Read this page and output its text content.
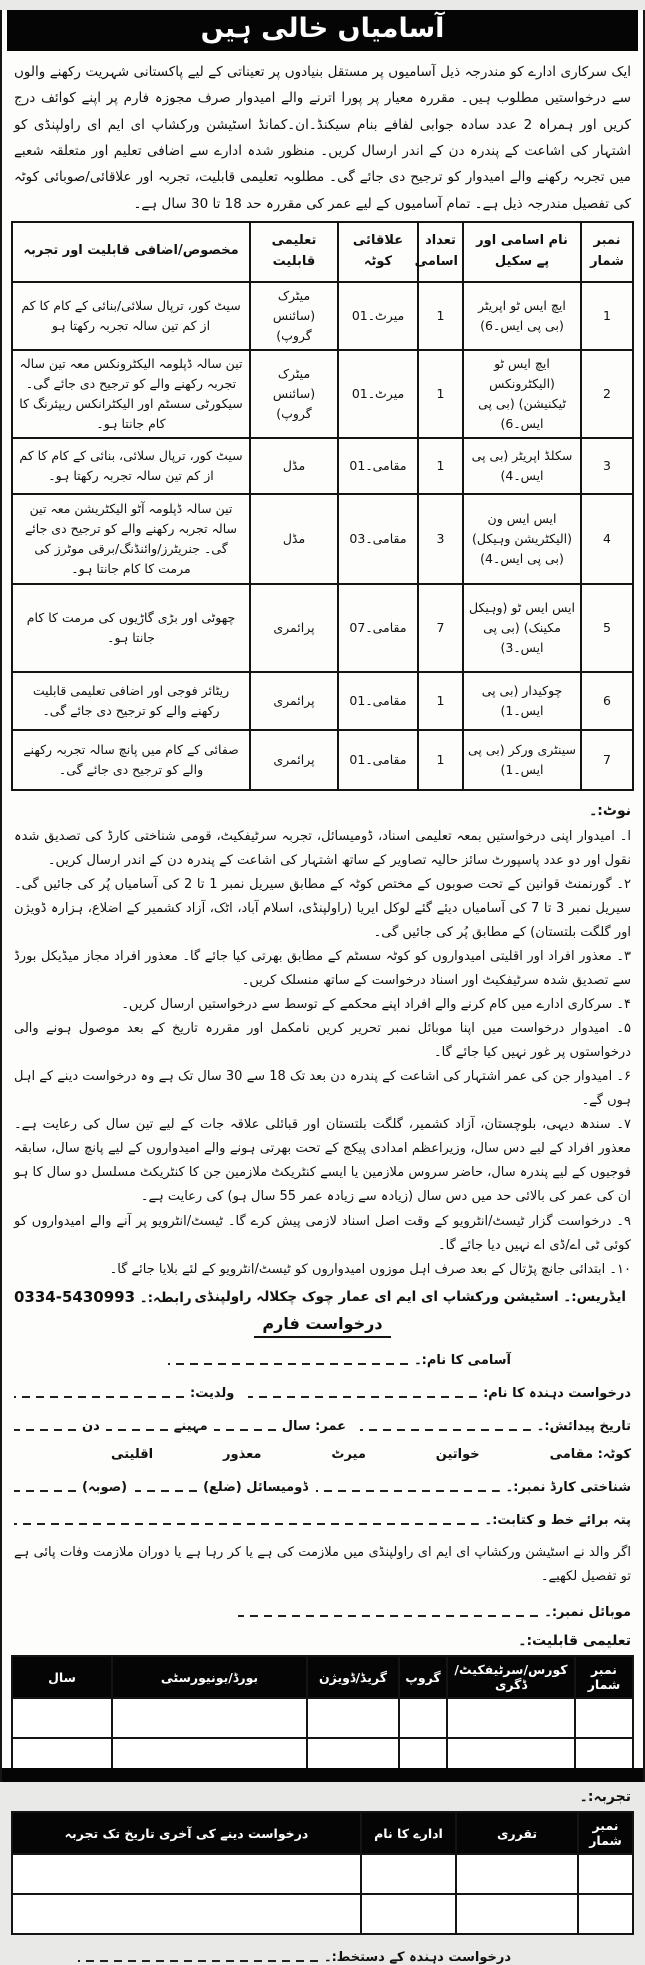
آسامیاں خالی ہیں

ایک سرکاری ادارے کو مندرجہ ذیل آسامیوں پر مستقل بنیادوں پر تعیناتی کے لیے پاکستانی شہریت رکھنے والوں سے درخواستیں مطلوب ہیں۔ مقررہ معیار پر پورا اترنے والے امیدوار صرف مجوزہ فارم پر اپنے کوائف درج کریں اور ہمراہ 2 عدد سادہ جوابی لفافے بنام سیکنڈ۔ان۔کمانڈ اسٹیشن ورکشاپ ای ایم ای راولپنڈی کو اشتہار کی اشاعت کے پندرہ دن کے اندر ارسال کریں۔ منظور شدہ ادارے سے اضافی تعلیم اور متعلقہ شعبے میں تجربہ رکھنے والے امیدوار کو ترجیح دی جائے گی۔ مطلوبہ تعلیمی قابلیت، تجربہ اور علاقائی/صوبائی کوٹہ کی تفصیل مندرجہ ذیل ہے۔ تمام آسامیوں کے لیے عمر کی مقررہ حد 18 تا 30 سال ہے۔

نمبر شمار	نام اسامی اور پے سکیل	تعداد اسامی	علاقائی کوٹہ	تعلیمی قابلیت	مخصوص/اضافی قابلیت اور تجربہ
1	ایچ ایس ٹو اپریٹر (بی پی ایس۔6)	1	میرٹ۔01	میٹرک (سائنس گروپ)	سیٹ کور، ترپال سلائی/بنائی کے کام کا کم از کم تین سالہ تجربہ رکھتا ہو
2	ایچ ایس ٹو (الیکٹرونکس ٹیکنیشن) (بی پی ایس۔6)	1	میرٹ۔01	میٹرک (سائنس گروپ)	تین سالہ ڈپلومہ الیکٹرونکس معہ تین سالہ تجربہ رکھنے والے کو ترجیح دی جائے گی۔ سیکورٹی سسٹم اور الیکٹرانکس ریپئرنگ کا کام جانتا ہو۔
3	سکلڈ اپریٹر (بی پی ایس۔4)	1	مقامی۔01	مڈل	سیٹ کور، ترپال سلائی، بنائی کے کام کا کم از کم تین سالہ تجربہ رکھتا ہو۔
4	ایس ایس ون (الیکٹریشن وہیکل) (بی پی ایس۔4)	3	مقامی۔03	مڈل	تین سالہ ڈپلومہ آٹو الیکٹریشن معہ تین سالہ تجربہ رکھنے والے کو ترجیح دی جائے گی۔ جنریٹرز/وائنڈنگ/برقی موٹرز کی مرمت کا کام جانتا ہو۔
5	ایس ایس ٹو (وہیکل مکینک) (بی پی ایس۔3)	7	مقامی۔07	پرائمری	چھوٹی اور بڑی گاڑیوں کی مرمت کا کام جانتا ہو۔
6	چوکیدار (بی پی ایس۔1)	1	مقامی۔01	پرائمری	ریٹائر فوجی اور اضافی تعلیمی قابلیت رکھنے والے کو ترجیح دی جائے گی۔
7	سینٹری ورکر (بی پی ایس۔1)	1	مقامی۔01	پرائمری	صفائی کے کام میں پانچ سالہ تجربہ رکھنے والے کو ترجیح دی جائے گی۔
نوٹ:۔
ا۔ امیدوار اپنی درخواستیں بمعہ تعلیمی اسناد، ڈومیسائل، تجربہ سرٹیفکیٹ، قومی شناختی کارڈ کی تصدیق شدہ نقول اور دو عدد پاسپورٹ سائز حالیہ تصاویر کے ساتھ اشتہار کی اشاعت کے پندرہ دن کے اندر ارسال کریں۔
۲۔ گورنمنٹ قوانین کے تحت صوبوں کے مختص کوٹہ کے مطابق سیریل نمبر 1 تا 2 کی آسامیاں پُر کی جائیں گی۔ سیریل نمبر 3 تا 7 کی آسامیاں دیئے گئے لوکل ایریا (راولپنڈی، اسلام آباد، اٹک، آزاد کشمیر کے اضلاع، ہزارہ ڈویژن اور گلگت بلتستان) کے مطابق پُر کی جائیں گی۔
۳۔ معذور افراد اور اقلیتی امیدواروں کو کوٹہ سسٹم کے مطابق بھرتی کیا جائے گا۔ معذور افراد مجاز میڈیکل بورڈ سے تصدیق شدہ سرٹیفکیٹ اور اسناد درخواست کے ساتھ منسلک کریں۔
۴۔ سرکاری ادارے میں کام کرنے والے افراد اپنے محکمے کے توسط سے درخواستیں ارسال کریں۔
۵۔ امیدوار درخواست میں اپنا موبائل نمبر تحریر کریں نامکمل اور مقررہ تاریخ کے بعد موصول ہونے والی درخواستوں پر غور نہیں کیا جائے گا۔
۶۔ امیدوار جن کی عمر اشتہار کی اشاعت کے پندرہ دن بعد تک 18 سے 30 سال تک ہے وہ درخواست دینے کے اہل ہوں گے۔
۷۔ سندھ دیہی، بلوچستان، آزاد کشمیر، گلگت بلتستان اور قبائلی علاقہ جات کے لیے تین سال کی رعایت ہے۔ معذور افراد کے لیے دس سال، وزیراعظم امدادی پیکج کے تحت بھرتی ہونے والے امیدواروں کے لیے پانچ سال، سابقہ فوجیوں کے لیے پندرہ سال، حاضر سروس ملازمین یا ایسے کنٹریکٹ ملازمین جن کا کنٹریکٹ مسلسل دو سال کا ہو ان کی عمر کی بالائی حد میں دس سال (زیادہ سے زیادہ عمر 55 سال ہو) کی رعایت ہے۔
۹۔ درخواست گزار ٹیسٹ/انٹرویو کے وقت اصل اسناد لازمی پیش کرے گا۔ ٹیسٹ/انٹرویو پر آنے والے امیدواروں کو کوئی ٹی اے/ڈی اے نہیں دیا جائے گا۔
۱۰۔ ابتدائی جانچ پڑتال کے بعد صرف اہل موزوں امیدواروں کو ٹیسٹ/انٹرویو کے لئے بلایا جائے گا۔
ایڈریس:۔ اسٹیشن ورکشاپ ای ایم ای عمار چوک چکلالہ راولپنڈی
رابطہ:۔ 0334-5430993
درخواست فارم
آسامی کا نام:۔
درخواست دہندہ کا نام:
ولدیت:
تاریخ پیدائش:۔
عمر: سال
مہینے
دن
کوٹہ: مقامی
خواتین
میرٹ
معذور
اقلیتی
شناختی کارڈ نمبر:۔
ڈومیسائل (ضلع)
(صوبہ)
پتہ برائے خط و کتابت:۔

اگر والد نے اسٹیشن ورکشاپ ای ایم ای راولپنڈی میں ملازمت کی ہے یا کر رہا ہے یا دوران ملازمت وفات پائی ہے تو تفصیل لکھیے۔

موبائل نمبر:۔
تعلیمی قابلیت:۔
نمبر شمار	کورس/سرٹیفکیٹ/ڈگری	گروپ	گریڈ/ڈویژن	بورڈ/یونیورسٹی	سال

تجربہ:۔
نمبر شمار	تقرری	ادارے کا نام	درخواست دینے کی آخری تاریخ تک تجربہ

درخواست دہندہ کے دستخط:۔
